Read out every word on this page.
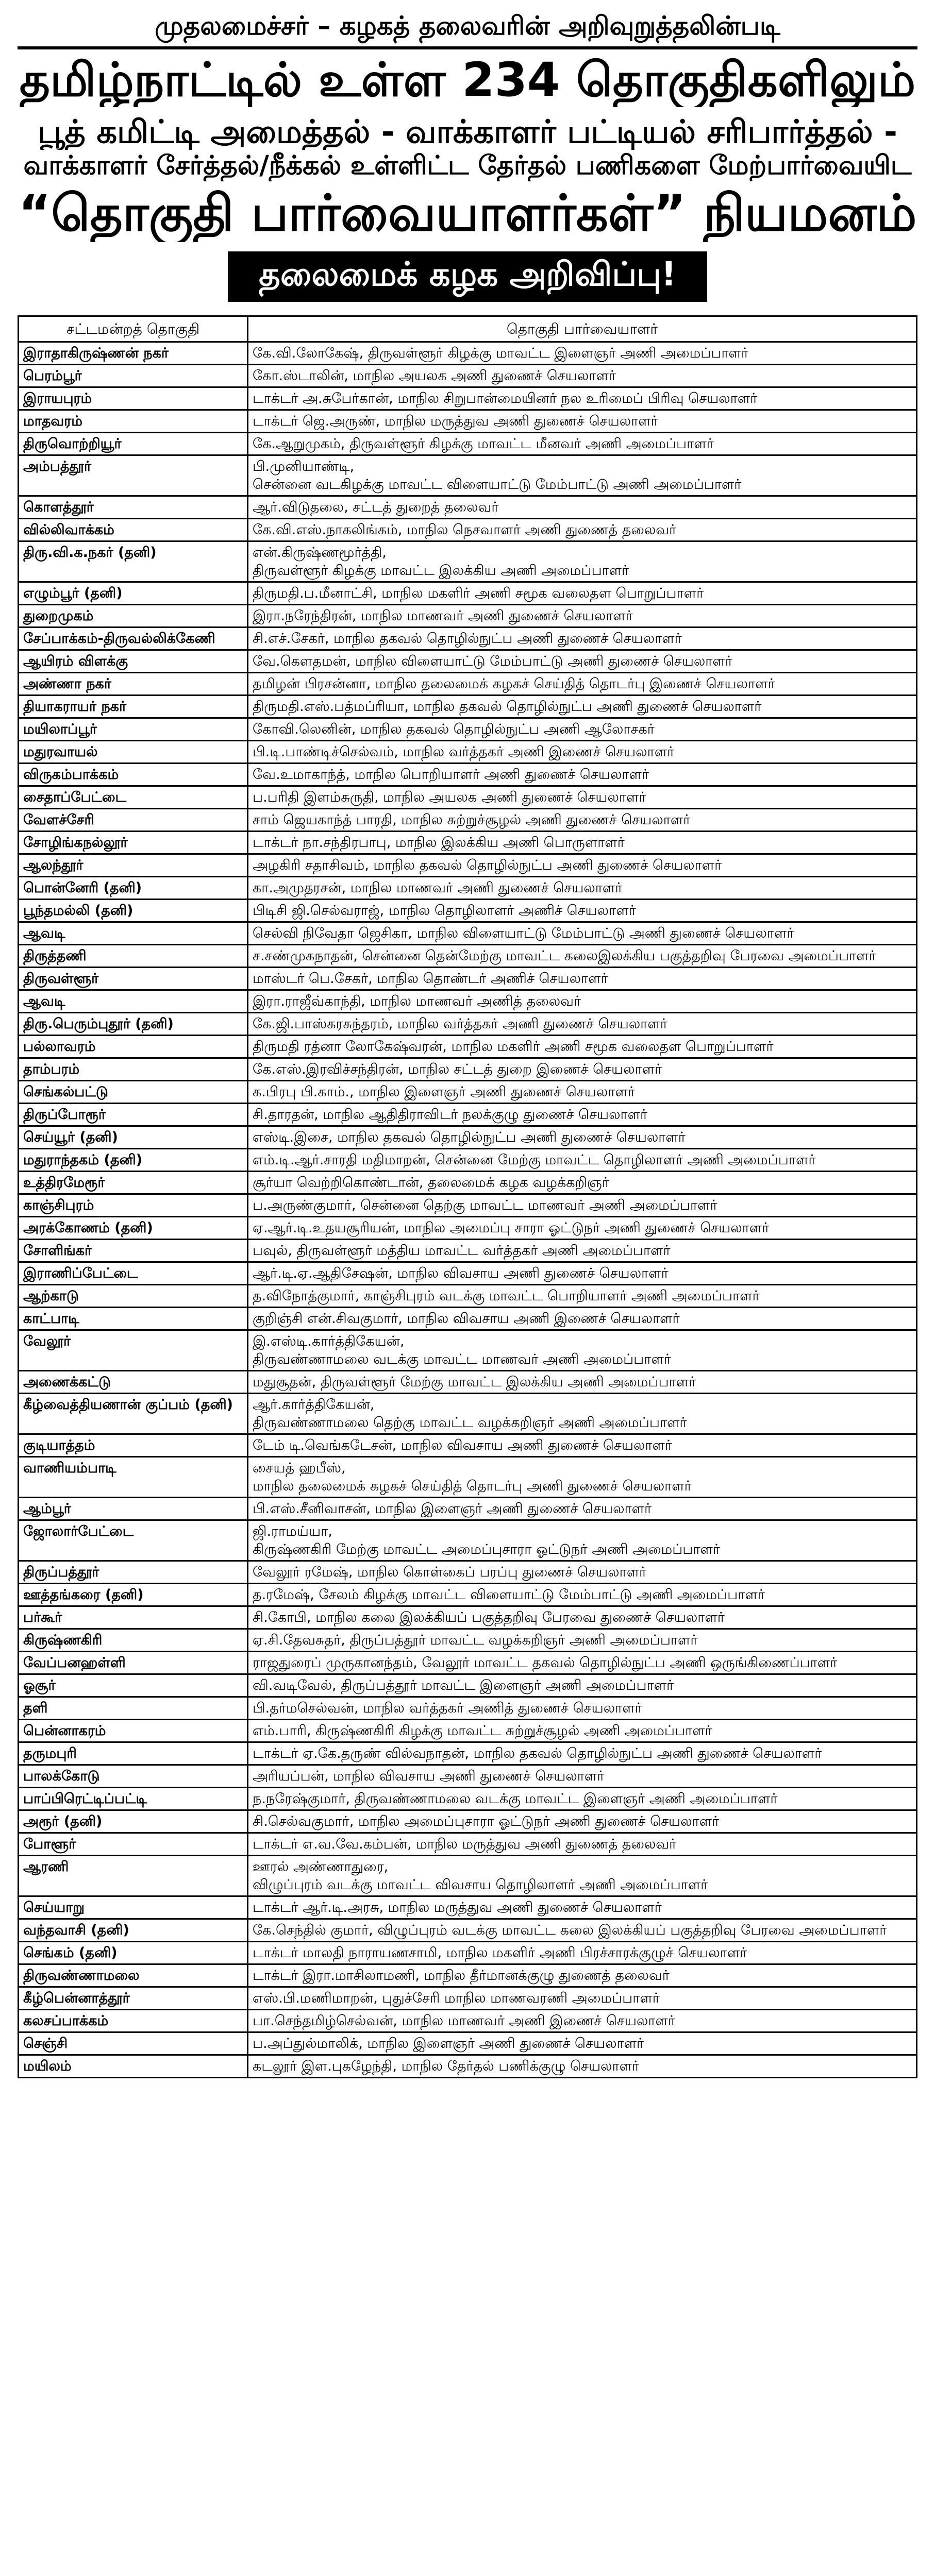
முதலமைச்சர் – கழகத் தலைவரின் அறிவுறுத்தலின்படி
தமிழ்நாட்டில் உள்ள 234 தொகுதிகளிலும்
பூத் கமிட்டி அமைத்தல் - வாக்காளர் பட்டியல் சரிபார்த்தல் -
வாக்காளர் சேர்த்தல்/நீக்கல் உள்ளிட்ட தேர்தல் பணிகளை மேற்பார்வையிட
“தொகுதி பார்வையாளர்கள்” நியமனம்
தலைமைக் கழக அறிவிப்பு!
சட்டமன்றத் தொகுதி	தொகுதி பார்வையாளர்
இராதாகிருஷ்ணன் நகர்	கே.வி.லோகேஷ், திருவள்ளூர் கிழக்கு மாவட்ட இளைஞர் அணி அமைப்பாளர்
பெரம்பூர்	கோ.ஸ்டாலின், மாநில அயலக அணி துணைச் செயலாளர்
இராயபுரம்	டாக்டர் அ.சுபேர்கான், மாநில சிறுபான்மையினர் நல உரிமைப் பிரிவு செயலாளர்
மாதவரம்	டாக்டர் ஜெ.அருண், மாநில மருத்துவ அணி துணைச் செயலாளர்
திருவொற்றியூர்	கே.ஆறுமுகம், திருவள்ளூர் கிழக்கு மாவட்ட மீனவர் அணி அமைப்பாளர்
அம்பத்தூர்	பி.முனியாண்டி,
சென்னை வடகிழக்கு மாவட்ட விளையாட்டு மேம்பாட்டு அணி அமைப்பாளர்
கொளத்தூர்	ஆர்.விடுதலை, சட்டத் துறைத் தலைவர்
வில்லிவாக்கம்	கே.வி.எஸ்.நாகலிங்கம், மாநில நெசவாளர் அணி துணைத் தலைவர்
திரு.வி.க.நகர் (தனி)	என்.கிருஷ்ணமூர்த்தி,
திருவள்ளூர் கிழக்கு மாவட்ட இலக்கிய அணி அமைப்பாளர்
எழும்பூர் (தனி)	திருமதி.ப.மீனாட்சி, மாநில மகளிர் அணி சமூக வலைதள பொறுப்பாளர்
துறைமுகம்	இரா.நரேந்திரன், மாநில மாணவர் அணி துணைச் செயலாளர்
சேப்பாக்கம்-திருவல்லிக்கேணி	சி.எச்.சேகர், மாநில தகவல் தொழில்நுட்ப அணி துணைச் செயலாளர்
ஆயிரம் விளக்கு	வே.கௌதமன், மாநில விளையாட்டு மேம்பாட்டு அணி துணைச் செயலாளர்
அண்ணா நகர்	தமிழன் பிரசன்னா, மாநில தலைமைக் கழகச் செய்தித் தொடர்பு இணைச் செயலாளர்
தியாகராயர் நகர்	திருமதி.எஸ்.பத்மப்ரியா, மாநில தகவல் தொழில்நுட்ப அணி துணைச் செயலாளர்
மயிலாப்பூர்	கோவி.லெனின், மாநில தகவல் தொழில்நுட்ப அணி ஆலோசகர்
மதுரவாயல்	பி.டி.பாண்டிச்செல்வம், மாநில வர்த்தகர் அணி இணைச் செயலாளர்
விருகம்பாக்கம்	வே.உமாகாந்த், மாநில பொறியாளர் அணி துணைச் செயலாளர்
சைதாப்பேட்டை	ப.பரிதி இளம்சுருதி, மாநில அயலக அணி துணைச் செயலாளர்
வேளச்சேரி	சாம் ஜெயகாந்த் பாரதி, மாநில சுற்றுச்சூழல் அணி துணைச் செயலாளர்
சோழிங்கநல்லூர்	டாக்டர் நா.சந்திரபாபு, மாநில இலக்கிய அணி பொருளாளர்
ஆலந்தூர்	அழகிரி சதாசிவம், மாநில தகவல் தொழில்நுட்ப அணி துணைச் செயலாளர்
பொன்னேரி (தனி)	கா.அமுதரசன், மாநில மாணவர் அணி துணைச் செயலாளர்
பூந்தமல்லி (தனி)	பிடிசி ஜி.செல்வராஜ், மாநில தொழிலாளர் அணிச் செயலாளர்
ஆவடி	செல்வி நிவேதா ஜெசிகா, மாநில விளையாட்டு மேம்பாட்டு அணி துணைச் செயலாளர்
திருத்தணி	ச.சண்முகநாதன், சென்னை தென்மேற்கு மாவட்ட கலைஇலக்கிய பகுத்தறிவு பேரவை அமைப்பாளர்
திருவள்ளூர்	மாஸ்டர் பெ.சேகர், மாநில தொண்டர் அணிச் செயலாளர்
ஆவடி	இரா.ராஜீவ்காந்தி, மாநில மாணவர் அணித் தலைவர்
திரு.பெரும்புதூர் (தனி)	கே.ஜி.பாஸ்கரசுந்தரம், மாநில வர்த்தகர் அணி துணைச் செயலாளர்
பல்லாவரம்	திருமதி ரத்னா லோகேஷ்வரன், மாநில மகளிர் அணி சமூக வலைதள பொறுப்பாளர்
தாம்பரம்	கே.எஸ்.இரவிச்சந்திரன், மாநில சட்டத் துறை இணைச் செயலாளர்
செங்கல்பட்டு	க.பிரபு பி.காம்., மாநில இளைஞர் அணி துணைச் செயலாளர்
திருப்போரூர்	சி.தாரதன், மாநில ஆதிதிராவிடர் நலக்குழு துணைச் செயலாளர்
செய்யூர் (தனி)	எஸ்டி.இசை, மாநில தகவல் தொழில்நுட்ப அணி துணைச் செயலாளர்
மதுராந்தகம் (தனி)	எம்.டி.ஆர்.சாரதி மதிமாறன், சென்னை மேற்கு மாவட்ட தொழிலாளர் அணி அமைப்பாளர்
உத்திரமேரூர்	சூர்யா வெற்றிகொண்டான், தலைமைக் கழக வழக்கறிஞர்
காஞ்சிபுரம்	ப.அருண்குமார், சென்னை தெற்கு மாவட்ட மாணவர் அணி அமைப்பாளர்
அரக்கோணம் (தனி)	ஏ.ஆர்.டி.உதயசூரியன், மாநில அமைப்பு சாரா ஓட்டுநர் அணி துணைச் செயலாளர்
சோளிங்கர்	பவுல், திருவள்ளூர் மத்திய மாவட்ட வர்த்தகர் அணி அமைப்பாளர்
இராணிப்பேட்டை	ஆர்.டி.ஏ.ஆதிசேஷன், மாநில விவசாய அணி துணைச் செயலாளர்
ஆற்காடு	த.விநோத்குமார், காஞ்சிபுரம் வடக்கு மாவட்ட பொறியாளர் அணி அமைப்பாளர்
காட்பாடி	குறிஞ்சி என்.சிவகுமார், மாநில விவசாய அணி இணைச் செயலாளர்
வேலூர்	இ.எஸ்டி.கார்த்திகேயன்,
திருவண்ணாமலை வடக்கு மாவட்ட மாணவர் அணி அமைப்பாளர்
அணைக்கட்டு	மதுசூதன், திருவள்ளூர் மேற்கு மாவட்ட இலக்கிய அணி அமைப்பாளர்
கீழ்வைத்தியணான் குப்பம் (தனி)	ஆர்.கார்த்திகேயன்,
திருவண்ணாமலை தெற்கு மாவட்ட வழக்கறிஞர் அணி அமைப்பாளர்
குடியாத்தம்	டேம் டி.வெங்கடேசன், மாநில விவசாய அணி துணைச் செயலாளர்
வாணியம்பாடி	சையத் ஹபீஸ்,
மாநில தலைமைக் கழகச் செய்தித் தொடர்பு அணி துணைச் செயலாளர்
ஆம்பூர்	பி.எஸ்.சீனிவாசன், மாநில இளைஞர் அணி துணைச் செயலாளர்
ஜோலார்பேட்டை	ஜி.ராமய்யா,
கிருஷ்ணகிரி மேற்கு மாவட்ட அமைப்புசாரா ஓட்டுநர் அணி அமைப்பாளர்
திருப்பத்தூர்	வேலூர் ரமேஷ், மாநில கொள்கைப் பரப்பு துணைச் செயலாளர்
ஊத்தங்கரை (தனி)	த.ரமேஷ், சேலம் கிழக்கு மாவட்ட விளையாட்டு மேம்பாட்டு அணி அமைப்பாளர்
பர்கூர்	சி.கோபி, மாநில கலை இலக்கியப் பகுத்தறிவு பேரவை துணைச் செயலாளர்
கிருஷ்ணகிரி	ஏ.சி.தேவசுதர், திருப்பத்தூர் மாவட்ட வழக்கறிஞர் அணி அமைப்பாளர்
வேப்பனஹள்ளி	ராஜதுரைப் முருகானந்தம், வேலூர் மாவட்ட தகவல் தொழில்நுட்ப அணி ஒருங்கிணைப்பாளர்
ஓசூர்	வி.வடிவேல், திருப்பத்தூர் மாவட்ட இளைஞர் அணி அமைப்பாளர்
தளி	பி.தர்மசெல்வன், மாநில வர்த்தகர் அணித் துணைச் செயலாளர்
பென்னாகரம்	எம்.பாரி, கிருஷ்ணகிரி கிழக்கு மாவட்ட சுற்றுச்சூழல் அணி அமைப்பாளர்
தருமபுரி	டாக்டர் ஏ.கே.தருண் வில்வநாதன், மாநில தகவல் தொழில்நுட்ப அணி துணைச் செயலாளர்
பாலக்கோடு	அரியப்பன், மாநில விவசாய அணி துணைச் செயலாளர்
பாப்பிரெட்டிப்பட்டி	ந.நரேஷ்குமார், திருவண்ணாமலை வடக்கு மாவட்ட இளைஞர் அணி அமைப்பாளர்
அரூர் (தனி)	சி.செல்வகுமார், மாநில அமைப்புசாரா ஓட்டுநர் அணி துணைச் செயலாளர்
போளூர்	டாக்டர் எ.வ.வே.கம்பன், மாநில மருத்துவ அணி துணைத் தலைவர்
ஆரணி	ஊரல் அண்ணாதுரை,
விழுப்புரம் வடக்கு மாவட்ட விவசாய தொழிலாளர் அணி அமைப்பாளர்
செய்யாறு	டாக்டர் ஆர்.டி.அரசு, மாநில மருத்துவ அணி துணைச் செயலாளர்
வந்தவாசி (தனி)	கே.செந்தில் குமார், விழுப்புரம் வடக்கு மாவட்ட கலை இலக்கியப் பகுத்தறிவு பேரவை அமைப்பாளர்
செங்கம் (தனி)	டாக்டர் மாலதி நாராயணசாமி, மாநில மகளிர் அணி பிரச்சாரக்குழுச் செயலாளர்
திருவண்ணாமலை	டாக்டர் இரா.மாசிலாமணி, மாநில தீர்மானக்குழு துணைத் தலைவர்
கீழ்பென்னாத்தூர்	எஸ்.பி.மணிமாறன், புதுச்சேரி மாநில மாணவரணி அமைப்பாளர்
கலசப்பாக்கம்	பா.செந்தமிழ்செல்வன், மாநில மாணவர் அணி இணைச் செயலாளர்
செஞ்சி	ப.அப்துல்மாலிக், மாநில இளைஞர் அணி துணைச் செயலாளர்
மயிலம்	கடலூர் இள.புகழேந்தி, மாநில தேர்தல் பணிக்குழு செயலாளர்
